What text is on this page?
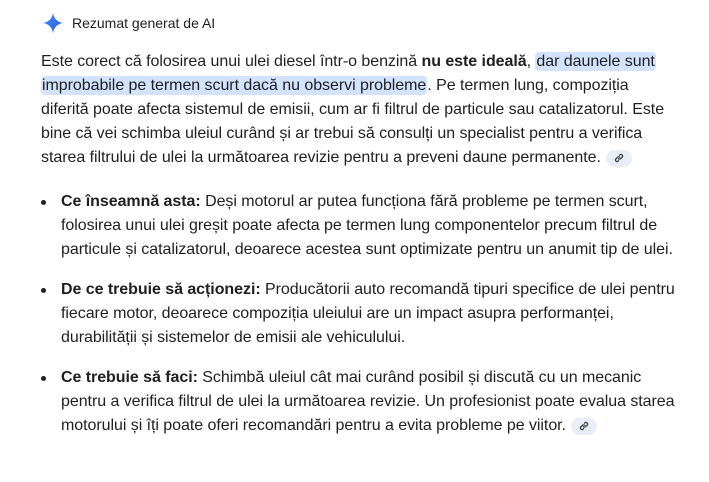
Rezumat generat de AI

Este corect că folosirea unui ulei diesel într-o benzină nu este ideală, dar daunele sunt improbabile pe termen scurt dacă nu observi probleme. Pe termen lung, compoziția diferită poate afecta sistemul de emisii, cum ar fi filtrul de particule sau catalizatorul. Este bine că vei schimba uleiul curând și ar trebui să consulți un specialist pentru a verifica starea filtrului de ulei la următoarea revizie pentru a preveni daune permanente.

Ce înseamnă asta: Deși motorul ar putea funcționa fără probleme pe termen scurt, folosirea unui ulei greșit poate afecta pe termen lung componentelor precum filtrul de particule și catalizatorul, deoarece acestea sunt optimizate pentru un anumit tip de ulei.
De ce trebuie să acționezi: Producătorii auto recomandă tipuri specifice de ulei pentru fiecare motor, deoarece compoziția uleiului are un impact asupra performanței, durabilității și sistemelor de emisii ale vehiculului.
Ce trebuie să faci: Schimbă uleiul cât mai curând posibil și discută cu un mecanic pentru a verifica filtrul de ulei la următoarea revizie. Un profesionist poate evalua starea motorului și îți poate oferi recomandări pentru a evita probleme pe viitor.
